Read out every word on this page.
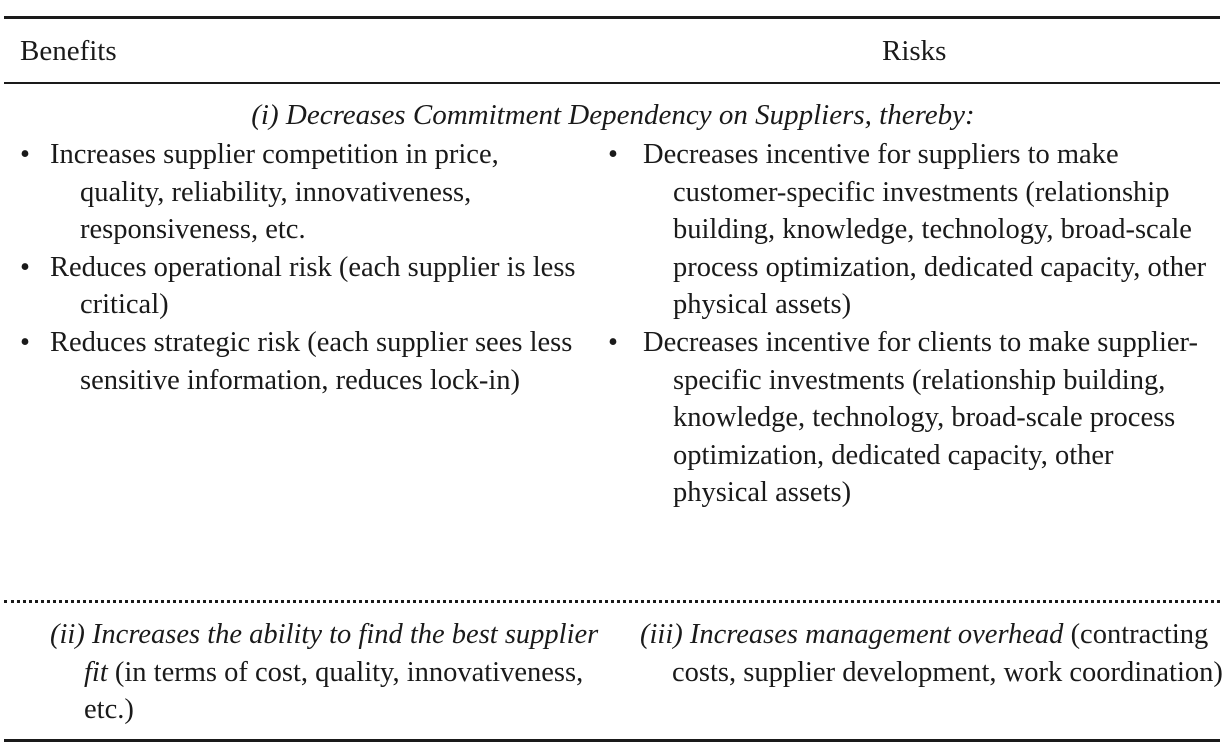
Benefits	Risks
(i) Decreases Commitment Dependency on Suppliers, thereby:
• Increases supplier competition in price, quality, reliability, innovativeness, responsiveness, etc.
• Reduces operational risk (each supplier is less critical)
• Reduces strategic risk (each supplier sees less sensitive information, reduces lock-in)
• Decreases incentive for suppliers to make customer-specific investments (relationship building, knowledge, technology, broad-scale process optimization, dedicated capacity, other physical assets)
• Decreases incentive for clients to make supplier-specific investments (relationship building, knowledge, technology, broad-scale process optimization, dedicated capacity, other physical assets)
(ii) Increases the ability to find the best supplier fit (in terms of cost, quality, innovativeness, etc.)
(iii) Increases management overhead (contracting costs, supplier development, work coordination)
